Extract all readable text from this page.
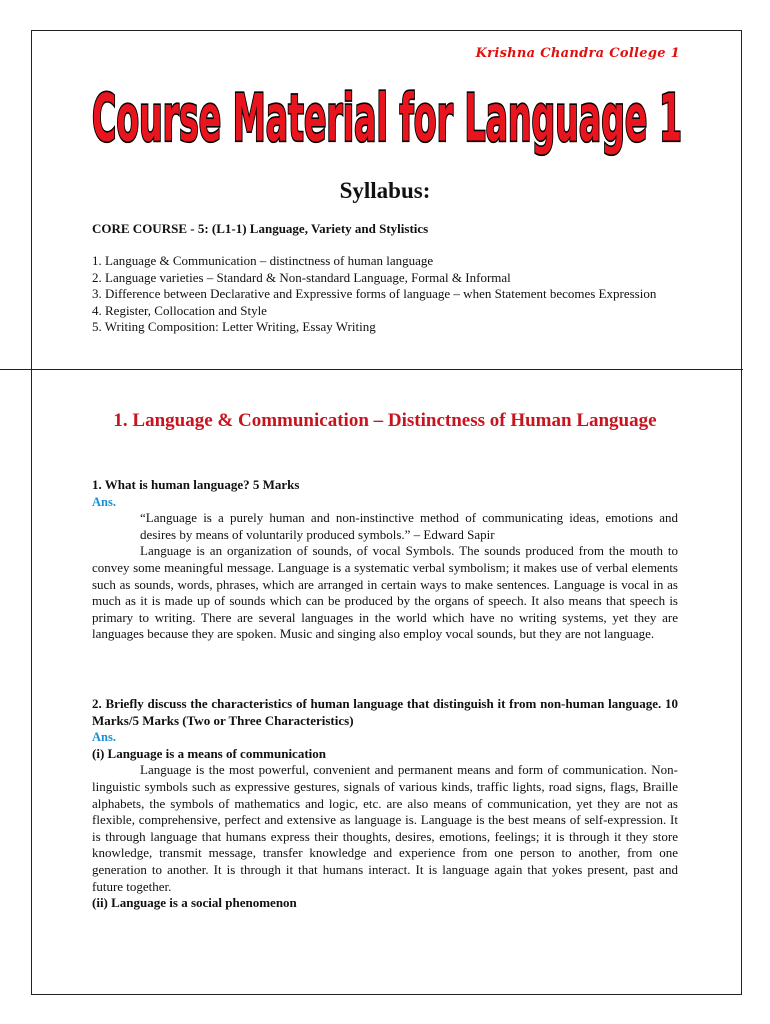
Krishna Chandra College 1
Course Material for Language 1
Syllabus:
CORE COURSE - 5: (L1-1) Language, Variety and Stylistics
1. Language & Communication – distinctness of human language
2. Language varieties – Standard & Non-standard Language, Formal & Informal
3. Difference between Declarative and Expressive forms of language – when Statement becomes Expression
4. Register, Collocation and Style
5. Writing Composition: Letter Writing, Essay Writing
1. Language & Communication – Distinctness of Human Language
1. What is human language? 5 Marks
Ans.

“Language is a purely human and non-instinctive method of communicating ideas, emotions and desires by means of voluntarily produced symbols.” – Edward Sapir

Language is an organization of sounds, of vocal Symbols. The sounds produced from the mouth to convey some meaningful message. Language is a systematic verbal symbolism; it makes use of verbal elements such as sounds, words, phrases, which are arranged in certain ways to make sentences. Language is vocal in as much as it is made up of sounds which can be produced by the organs of speech. It also means that speech is primary to writing. There are several languages in the world which have no writing systems, yet they are languages because they are spoken. Music and singing also employ vocal sounds, but they are not language.

2. Briefly discuss the characteristics of human language that distinguish it from non-human language. 10 Marks/5 Marks (Two or Three Characteristics)
Ans.
(i) Language is a means of communication

Language is the most powerful, convenient and permanent means and form of communication. Non- linguistic symbols such as expressive gestures, signals of various kinds, traffic lights, road signs, flags, Braille alphabets, the symbols of mathematics and logic, etc. are also means of communication, yet they are not as flexible, comprehensive, perfect and extensive as language is. Language is the best means of self-expression. It is through language that humans express their thoughts, desires, emotions, feelings; it is through it they store knowledge, transmit message, transfer knowledge and experience from one person to another, from one generation to another. It is through it that humans interact. It is language again that yokes present, past and future together.

(ii) Language is a social phenomenon
